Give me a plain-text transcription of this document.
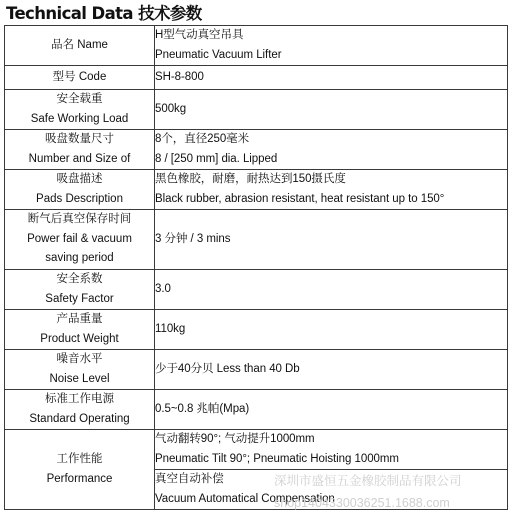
Technical Data 技术参数
品名 Name	H型气动真空吊具
Pneumatic Vacuum Lifter

型号 Code	SH-8-800

安全载重
Safe Working Load	500kg

吸盘数量尺寸
Number and Size of	8个，直径250毫米
8 / [250 mm] dia. Lipped

吸盘描述
Pads Description	黑色橡胶，耐磨，耐热达到150摄氏度
Black rubber, abrasion resistant, heat resistant up to 150°

断气后真空保存时间
Power fail & vacuum
saving period	3 分钟 / 3 mins

安全系数
Safety Factor	3.0

产品重量
Product Weight	110kg

噪音水平
Noise Level	少于40分贝 Less than 40 Db

标准工作电源
Standard Operating	0.5~0.8 兆帕(Mpa)

工作性能
Performance	气动翻转90°; 气动提升1000mm
Pneumatic Tilt 90°; Pneumatic Hoisting 1000mm

	真空自动补偿
Vacuum Automatical Compensation
深圳市盛恒五金橡胶制品有限公司
shop1404330036251.1688.com
